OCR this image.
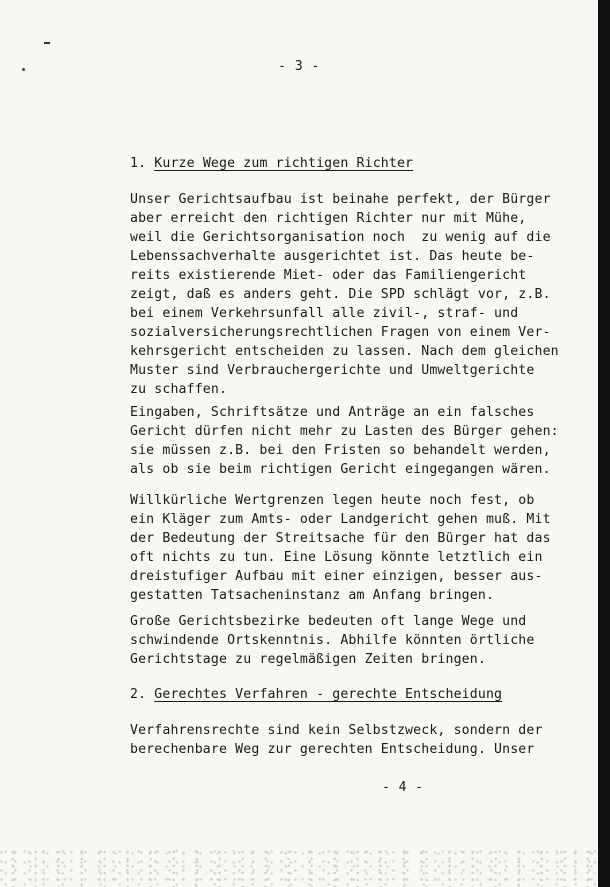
- 3 -
1. Kurze Wege zum richtigen Richter
Unser Gerichtsaufbau ist beinahe perfekt, der Bürger
aber erreicht den richtigen Richter nur mit Mühe,
weil die Gerichtsorganisation noch  zu wenig auf die
Lebenssachverhalte ausgerichtet ist. Das heute be-
reits existierende Miet- oder das Familiengericht
zeigt, daß es anders geht. Die SPD schlägt vor, z.B.
bei einem Verkehrsunfall alle zivil-, straf- und
sozialversicherungsrechtlichen Fragen von einem Ver-
kehrsgericht entscheiden zu lassen. Nach dem gleichen
Muster sind Verbrauchergerichte und Umweltgerichte
zu schaffen.
Eingaben, Schriftsätze und Anträge an ein falsches
Gericht dürfen nicht mehr zu Lasten des Bürger gehen:
sie müssen z.B. bei den Fristen so behandelt werden,
als ob sie beim richtigen Gericht eingegangen wären.
Willkürliche Wertgrenzen legen heute noch fest, ob
ein Kläger zum Amts- oder Landgericht gehen muß. Mit
der Bedeutung der Streitsache für den Bürger hat das
oft nichts zu tun. Eine Lösung könnte letztlich ein
dreistufiger Aufbau mit einer einzigen, besser aus-
gestatten Tatsacheninstanz am Anfang bringen.
Große Gerichtsbezirke bedeuten oft lange Wege und
schwindende Ortskenntnis. Abhilfe könnten örtliche
Gerichtstage zu regelmäßigen Zeiten bringen.
2. Gerechtes Verfahren - gerechte Entscheidung
Verfahrensrechte sind kein Selbstzweck, sondern der
berechenbare Weg zur gerechten Entscheidung. Unser
- 4 -
